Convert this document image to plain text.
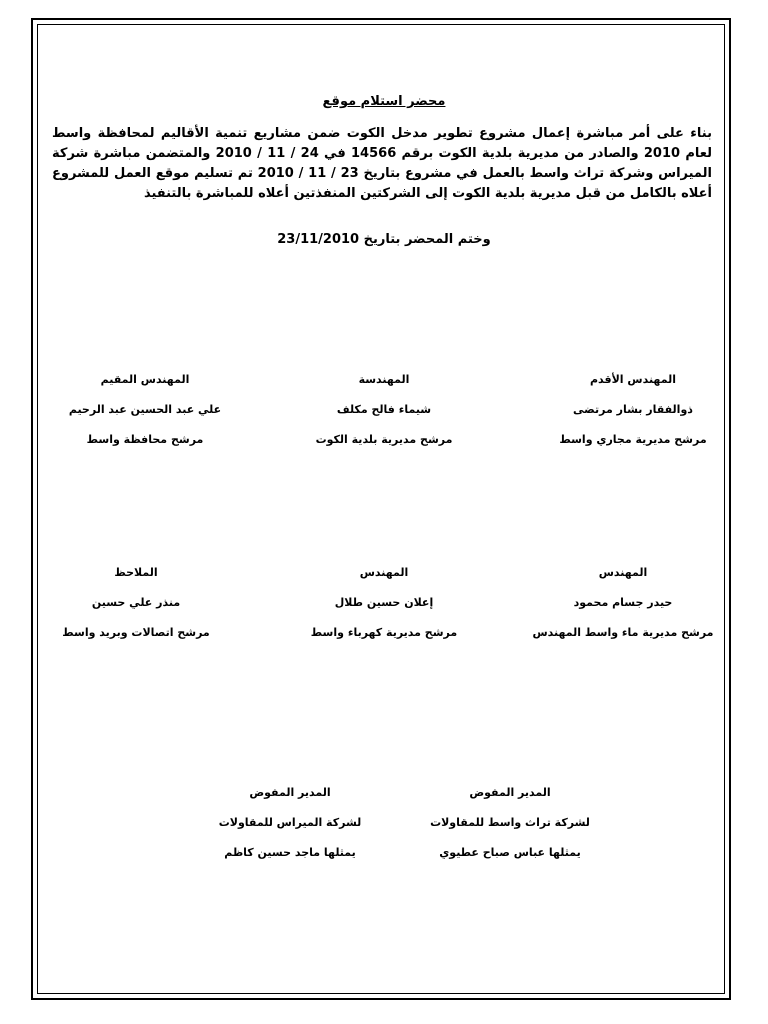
محضر استلام موقع
بناء على أمر مباشرة إعمال مشروع تطوير مدخل الكوت ضمن مشاريع تنمية الأقاليم لمحافظة واسط لعام 2010 والصادر من مديرية بلدية الكوت برقم 14566 في 24 / 11 / 2010 والمتضمن مباشرة شركة الميراس وشركة تراث واسط بالعمل في مشروع بتاريخ 23 / 11 / 2010 تم تسليم موقع العمل للمشروع أعلاه بالكامل من قبل مديرية بلدية الكوت إلى الشركتين المنفذتين أعلاه للمباشرة بالتنفيذ
وختم المحضر بتاريخ 23/11/2010
المهندس الأقدم
ذوالفقار بشار مرتضى
مرشح مديرية مجاري واسط
المهندسة
شيماء فالح مكلف
مرشح مديرية بلدية الكوت
المهندس المقيم
علي عبد الحسين عبد الرحيم
مرشح محافظة واسط
المهندس
حيدر جسام محمود
مرشح مديرية ماء واسط المهندس
المهندس
إعلان حسين طلال
مرشح مديرية كهرباء واسط
الملاحظ
منذر علي حسين
مرشح اتصالات وبريد واسط
المدير المفوض
لشركة تراث واسط للمقاولات
يمثلها عباس صباح عطيوي
المدير المفوض
لشركة الميراس للمقاولات
يمثلها ماجد حسين كاظم
